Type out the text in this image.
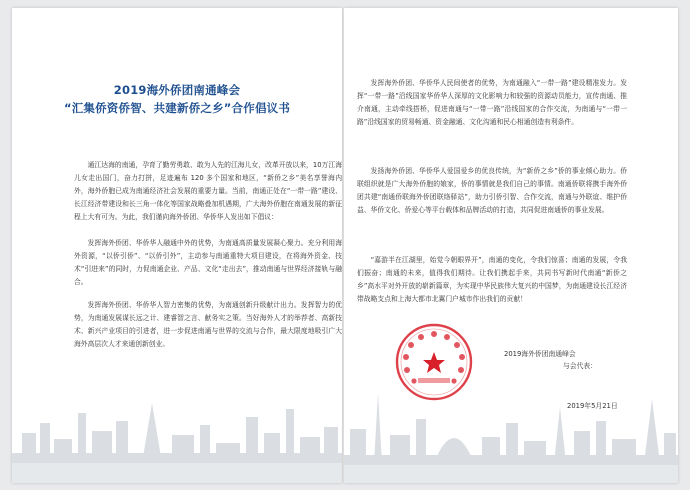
2019海外侨团南通峰会
“汇集侨资侨智、共建新侨之乡”合作倡议书

通江达海的南通，孕育了勤劳勇敢、敢为人先的江海儿女，改革开放以来，10万江海儿女走出国门，奋力打拼，足迹遍布 120 多个国家和地区，“新侨之乡”美名享誉海内外，海外侨胞已成为南通经济社会发展的重要力量。当前，南通正处在“一带一路”建设、长江经济带建设和长三角一体化等国家战略叠加机遇期，广大海外侨胞在南通发展的新征程上大有可为。为此，我们谨向海外侨团、华侨华人发出如下倡议：

发挥海外侨团、华侨华人融通中外的优势，为南通高质量发展凝心聚力。充分利用海外资源，“以侨引侨”、“以侨引外”，主动参与南通重特大项目建设，在将海外资金、技术“引进来”的同时，力促南通企业、产品、文化“走出去”，推动南通与世界经济接轨与融合。

发挥海外侨团、华侨华人智力密集的优势，为南通创新升级献计出力。发挥智力的优势，为南通发展谋长远之计、建睿智之言、献务实之策。当好海外人才的举荐者、高新技术、新兴产业项目的引进者，进一步促进南通与世界的交流与合作，最大限度地吸引广大海外高层次人才来通创新创业。

发挥海外侨团、华侨华人民间使者的优势，为南通融入“一带一路”建设精准发力。发挥“一带一路”沿线国家华侨华人深厚的文化影响力和较强的资源动员能力，宣传南通、推介南通，主动牵线搭桥，促进南通与“一带一路”沿线国家的合作交流，为南通与“一带一路”沿线国家的贸易畅通、资金融通、文化沟通和民心相通创造有利条件。

发扬海外侨团、华侨华人爱国爱乡的优良传统，为“新侨之乡”侨的事业倾心助力。侨联组织就是广大海外侨胞的娘家，侨的事情就是我们自己的事情。南通侨联将携手海外侨团共建“南通侨联海外侨团联络驿站”，助力引侨引智、合作交流，南通与外联谊、维护侨益、华侨文化、侨爱心等平台载体和品牌活动的打造，共同促进南通侨的事业发展。

“嘉游半在江湖里，始觉今朝眼界开”，南通的变化，令我们惊喜；南通的发展，令我们振奋；南通的未来，值得我们期待。让我们携起手来，共同书写新时代南通“新侨之乡”高水平对外开放的崭新篇章，为实现中华民族伟大复兴的中国梦，为南通建设长江经济带战略支点和上海大都市北翼门户城市作出我们的贡献！

2019海外侨团南通峰会

与会代表：

2019年5月21日
